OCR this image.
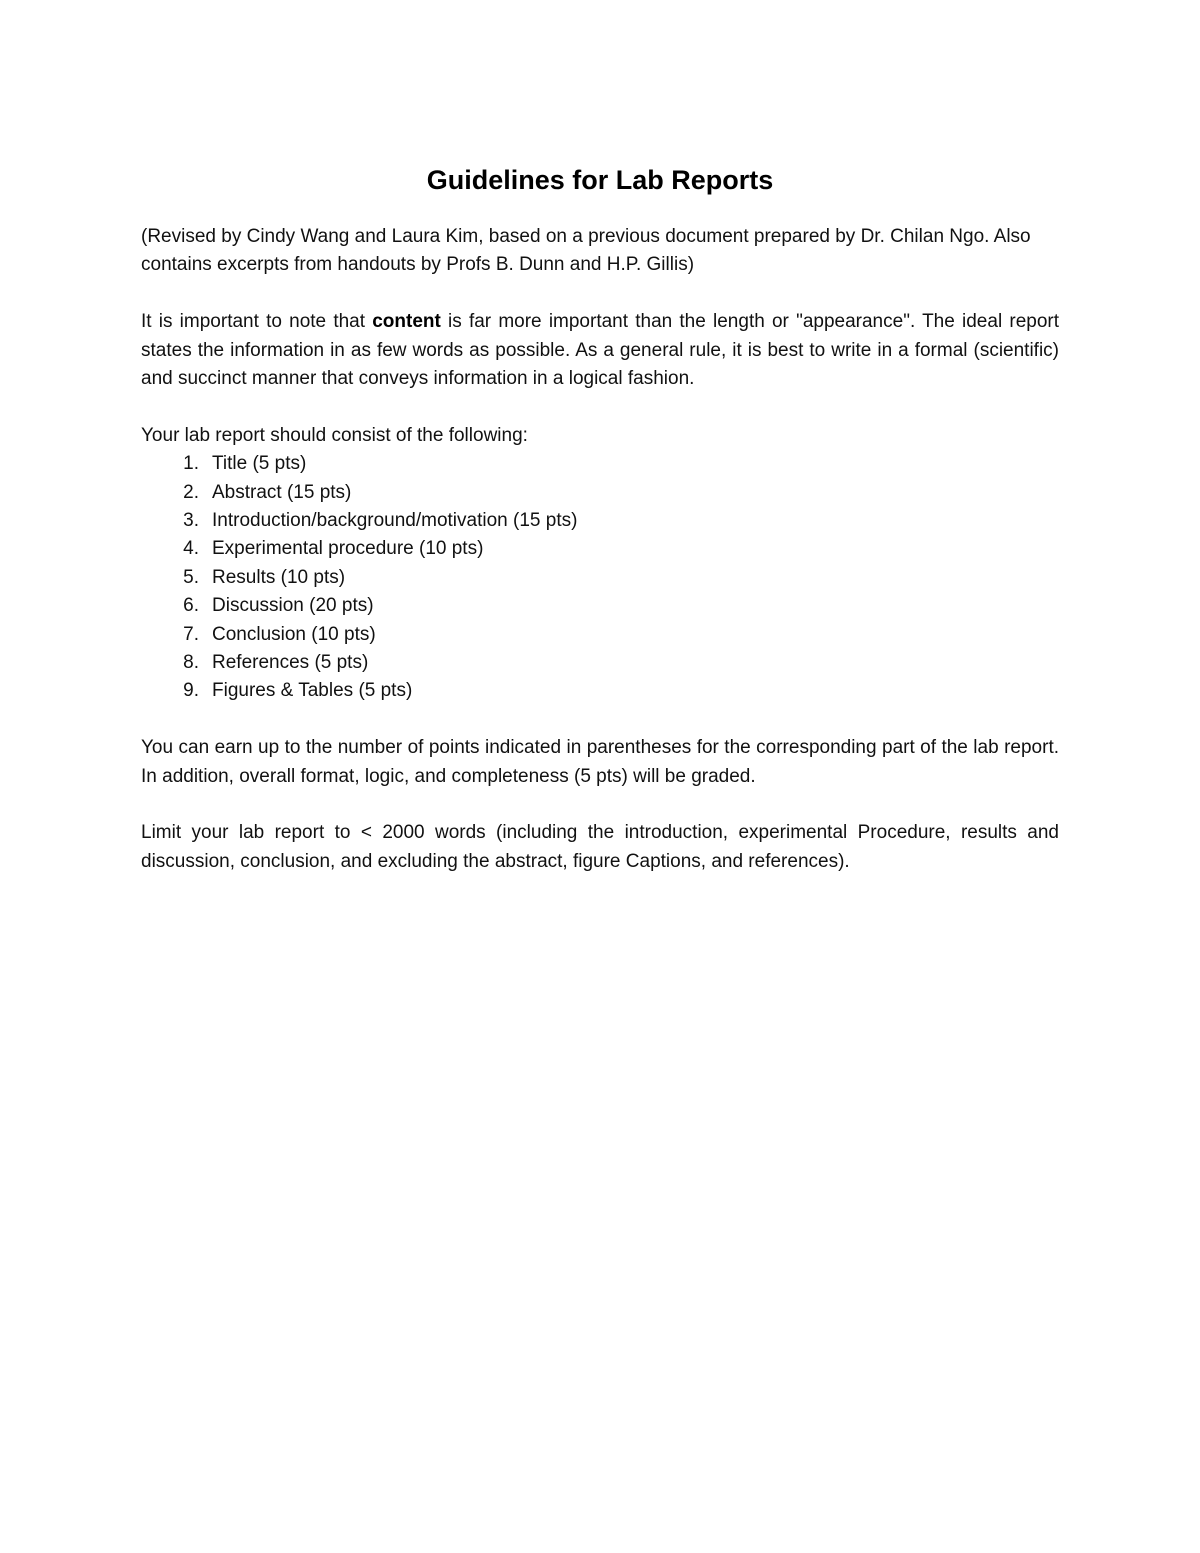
Guidelines for Lab Reports

(Revised by Cindy Wang and Laura Kim, based on a previous document prepared by Dr. Chilan Ngo. Also contains excerpts from handouts by Profs B. Dunn and H.P. Gillis)

It is important to note that content is far more important than the length or "appearance". The ideal report states the information in as few words as possible. As a general rule, it is best to write in a formal (scientific) and succinct manner that conveys information in a logical fashion.

Your lab report should consist of the following:

1. Title (5 pts)
2. Abstract (15 pts)
3. Introduction/background/motivation (15 pts)
4. Experimental procedure (10 pts)
5. Results (10 pts)
6. Discussion (20 pts)
7. Conclusion (10 pts)
8. References (5 pts)
9. Figures & Tables (5 pts)

You can earn up to the number of points indicated in parentheses for the corresponding part of the lab report. In addition, overall format, logic, and completeness (5 pts) will be graded.

Limit your lab report to < 2000 words (including the introduction, experimental Procedure, results and discussion, conclusion, and excluding the abstract, figure Captions, and references).
